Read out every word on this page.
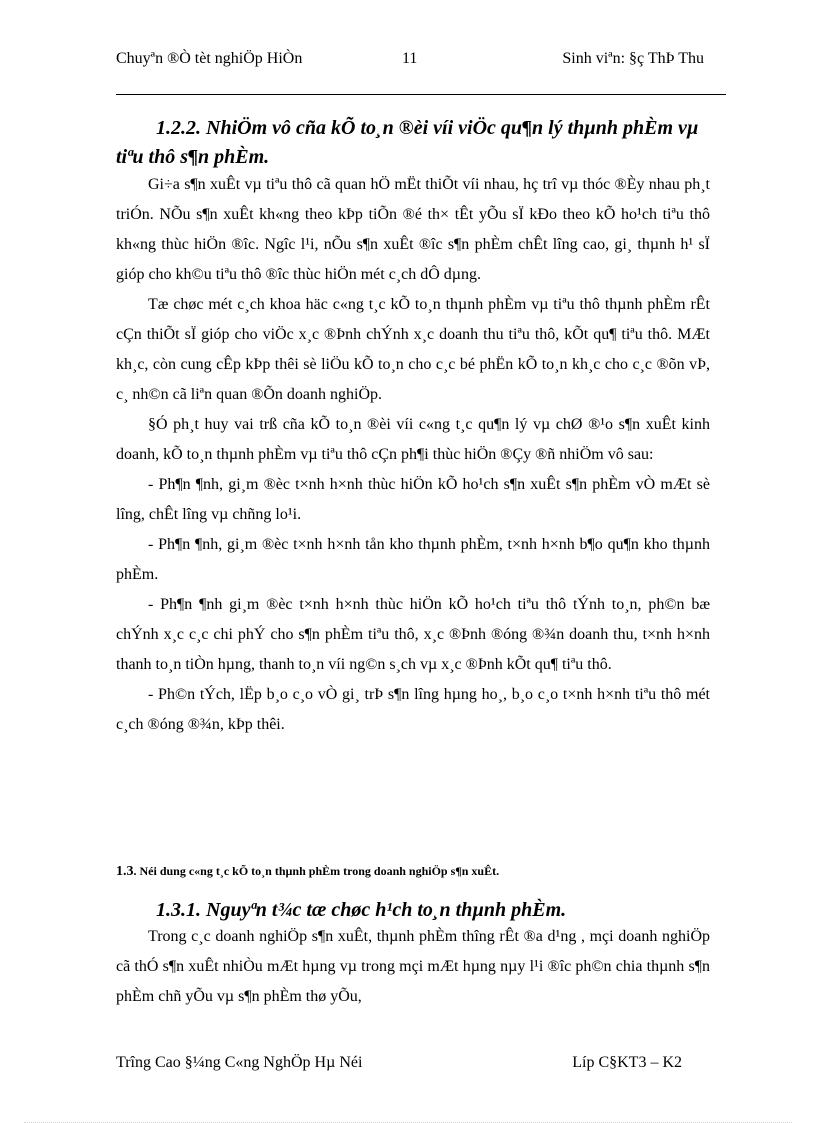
Chuyªn ®Ò tèt nghiÖp HiÒn	11	Sinh viªn: §ç ThÞ Thu
1.2.2. NhiÖm vô cña kÕ to¸n ®èi víi viÖc qu¶n lý thµnh phÈm vµ tiªu thô s¶n phÈm.

Gi÷a s¶n xuÊt vµ tiªu thô cã quan hÖ mËt thiÕt víi nhau, hç trî vµ thóc ®Èy nhau ph¸t triÓn. NÕu s¶n xuÊt kh«ng theo kÞp tiÕn ®é th× tÊt yÕu sÏ kÐo theo kÕ ho¹ch tiªu thô kh«ng thùc hiÖn ®îc. Ngîc l¹i, nÕu s¶n xuÊt ®îc s¶n phÈm chÊt lîng cao, gi¸ thµnh h¹ sÏ gióp cho kh©u tiªu thô ®îc thùc hiÖn mét c¸ch dÔ dµng.

Tæ chøc mét c¸ch khoa häc c«ng t¸c kÕ to¸n thµnh phÈm vµ tiªu thô thµnh phÈm rÊt cÇn thiÕt sÏ gióp cho viÖc x¸c ®Þnh chÝnh x¸c doanh thu tiªu thô, kÕt qu¶ tiªu thô. MÆt kh¸c, còn cung cÊp kÞp thêi sè liÖu kÕ to¸n cho c¸c bé phËn kÕ to¸n kh¸c cho c¸c ®õn vÞ, c¸ nh©n cã liªn quan ®Õn doanh nghiÖp.

§Ó ph¸t huy vai trß cña kÕ to¸n ®èi víi c«ng t¸c qu¶n lý vµ chØ ®¹o s¶n xuÊt kinh doanh, kÕ to¸n thµnh phÈm vµ tiªu thô cÇn ph¶i thùc hiÖn ®Çy ®ñ nhiÖm vô sau:

- Ph¶n ¶nh, gi¸m ®èc t×nh h×nh thùc hiÖn kÕ ho¹ch s¶n xuÊt s¶n phÈm vÒ mÆt sè lîng, chÊt lîng vµ chñng lo¹i.

- Ph¶n ¶nh, gi¸m ®èc t×nh h×nh tån kho thµnh phÈm, t×nh h×nh b¶o qu¶n kho thµnh phÈm.

- Ph¶n ¶nh gi¸m ®èc t×nh h×nh thùc hiÖn kÕ ho¹ch tiªu thô tÝnh to¸n, ph©n bæ chÝnh x¸c c¸c chi phÝ cho s¶n phÈm tiªu thô, x¸c ®Þnh ®óng ®¾n doanh thu, t×nh h×nh thanh to¸n tiÒn hµng, thanh to¸n víi ng©n s¸ch vµ x¸c ®Þnh kÕt qu¶ tiªu thô.

- Ph©n tÝch, lËp b¸o c¸o vÒ gi¸ trÞ s¶n lîng hµng ho¸, b¸o c¸o t×nh h×nh tiªu thô mét c¸ch ®óng ®¾n, kÞp thêi.

1.3. Néi dung c«ng t¸c kÕ to¸n thµnh phÈm trong doanh nghiÖp s¶n xuÊt.
1.3.1. Nguyªn t¾c tæ chøc h¹ch to¸n thµnh phÈm.

Trong c¸c doanh nghiÖp s¶n xuÊt, thµnh phÈm thîng rÊt ®a d¹ng , mçi doanh nghiÖp cã thÓ s¶n xuÊt nhiÒu mÆt hµng vµ trong mçi mÆt hµng nµy l¹i ®îc ph©n chia thµnh s¶n phÈm chñ yÕu vµ s¶n phÈm thø yÕu,

Trîng Cao §¼ng C«ng NghÖp Hµ Néi	Líp C§KT3 – K2
